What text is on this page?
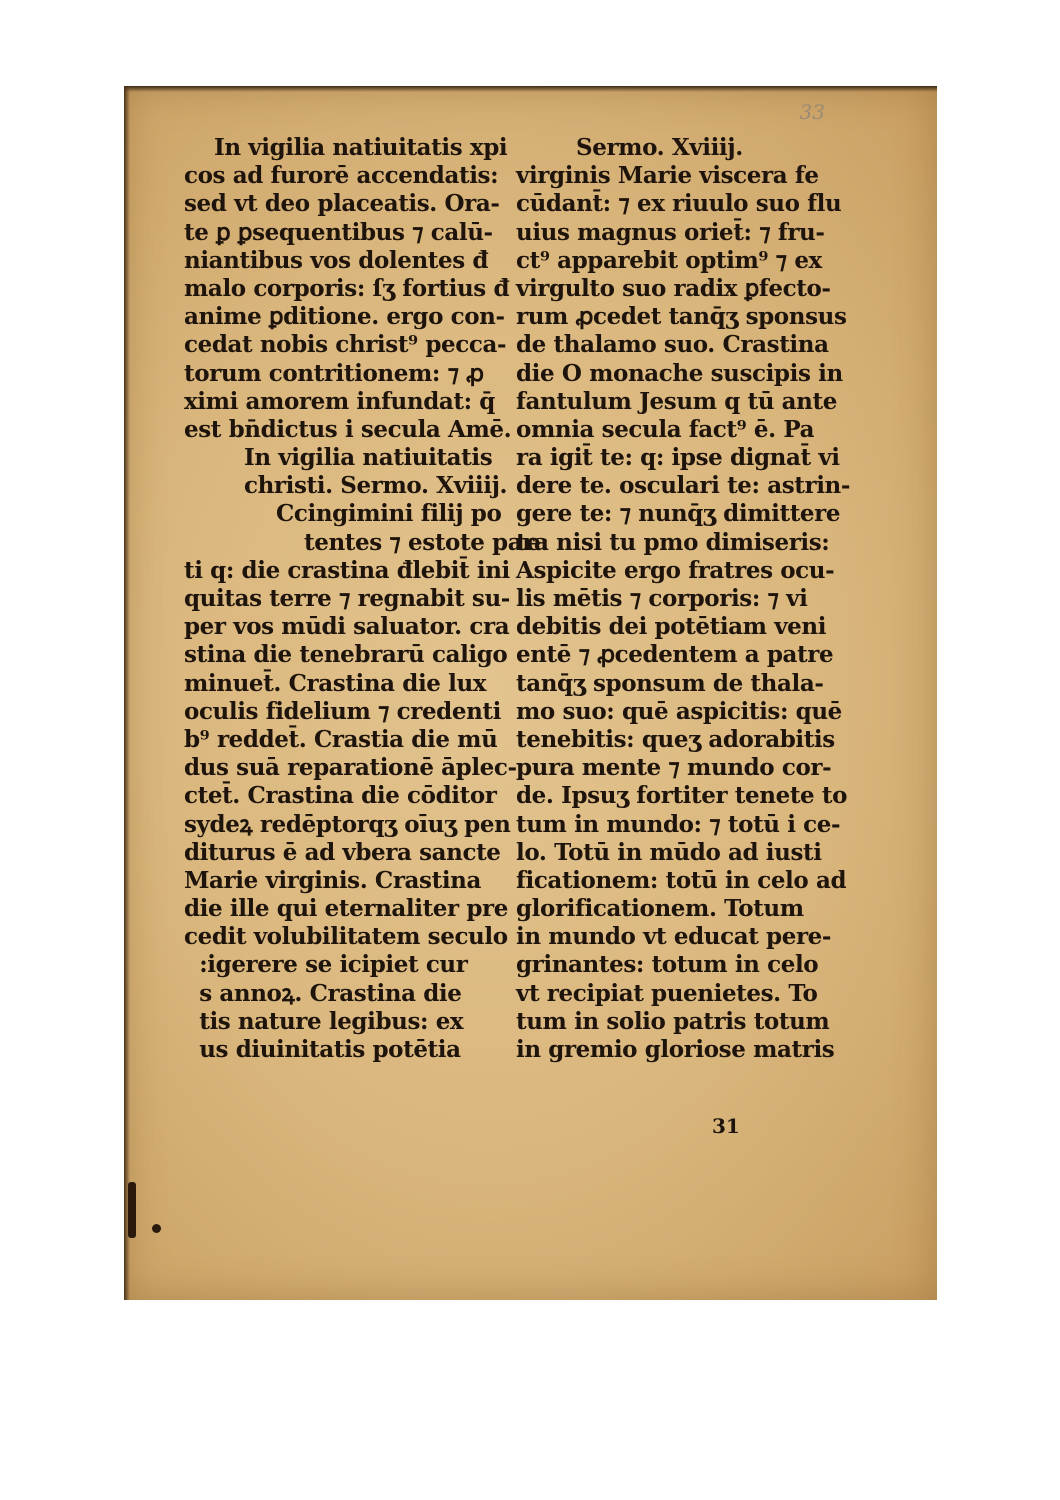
33
In vigilia natiuitatis xpi
cos ad furorē accendatis:
sed vt deo placeatis. Ora-
te ꝑ ꝑsequentibus ⁊ calū-
niantibus vos dolentes đ
malo corporis: ſʒ fortius đ
anime ꝑditione. ergo con-
cedat nobis christ⁹ pecca-
torum contritionem: ⁊ ꝓ
ximi amorem infundat: q̄
est bn̄dictus i secula Amē.
In vigilia natiuitatis
christi. Sermo. Xviiij.
Ccingimini filij po
tentes ⁊ estote para
ti q: die crastina đlebit̄ ini
quitas terre ⁊ regnabit su-
per vos mūdi saluator. cra
stina die tenebrarū caligo
minuet̄. Crastina die lux
oculis fidelium ⁊ credenti
b⁹ reddet̄. Crastia die mū
dus suā reparationē āplec-
ctet̄. Crastina die cōditor
sydeꝝ redēptorqʒ oīuʒ pen
diturus ē ad vbera sancte
Marie virginis. Crastina
die ille qui eternaliter pre
cedit volubilitatem seculo
:igerere se icipiet cur
s annoꝝ. Crastina die
tis nature legibus: ex
us diuinitatis potētia
Sermo. Xviiij.
virginis Marie viscera fe
cūdant̄: ⁊ ex riuulo suo flu
uius magnus oriet̄: ⁊ fru-
ct⁹ apparebit optim⁹ ⁊ ex
virgulto suo radix ꝑfecto-
rum ꝓcedet tanq̄ʒ sponsus
de thalamo suo. Crastina
die O monache suscipis in
fantulum Jesum q tū ante
omnia secula fact⁹ ē. Pa
ra igit̄ te: q: ipse dignat̄ vi
dere te. osculari te: astrin-
gere te: ⁊ nunq̄ʒ dimittere
te: nisi tu pmo dimiseris:
Aspicite ergo fratres ocu-
lis mētis ⁊ corporis: ⁊ vi
debitis dei potētiam veni
entē ⁊ ꝓcedentem a patre
tanq̄ʒ sponsum de thala-
mo suo: quē aspicitis: quē
tenebitis: queʒ adorabitis
pura mente ⁊ mundo cor-
de. Ipsuʒ fortiter tenete to
tum in mundo: ⁊ totū i ce-
lo. Totū in mūdo ad iusti
ficationem: totū in celo ad
glorificationem. Totum
in mundo vt educat pere-
grinantes: totum in celo
vt recipiat puenietes. To
tum in solio patris totum
in gremio gloriose matris
31
